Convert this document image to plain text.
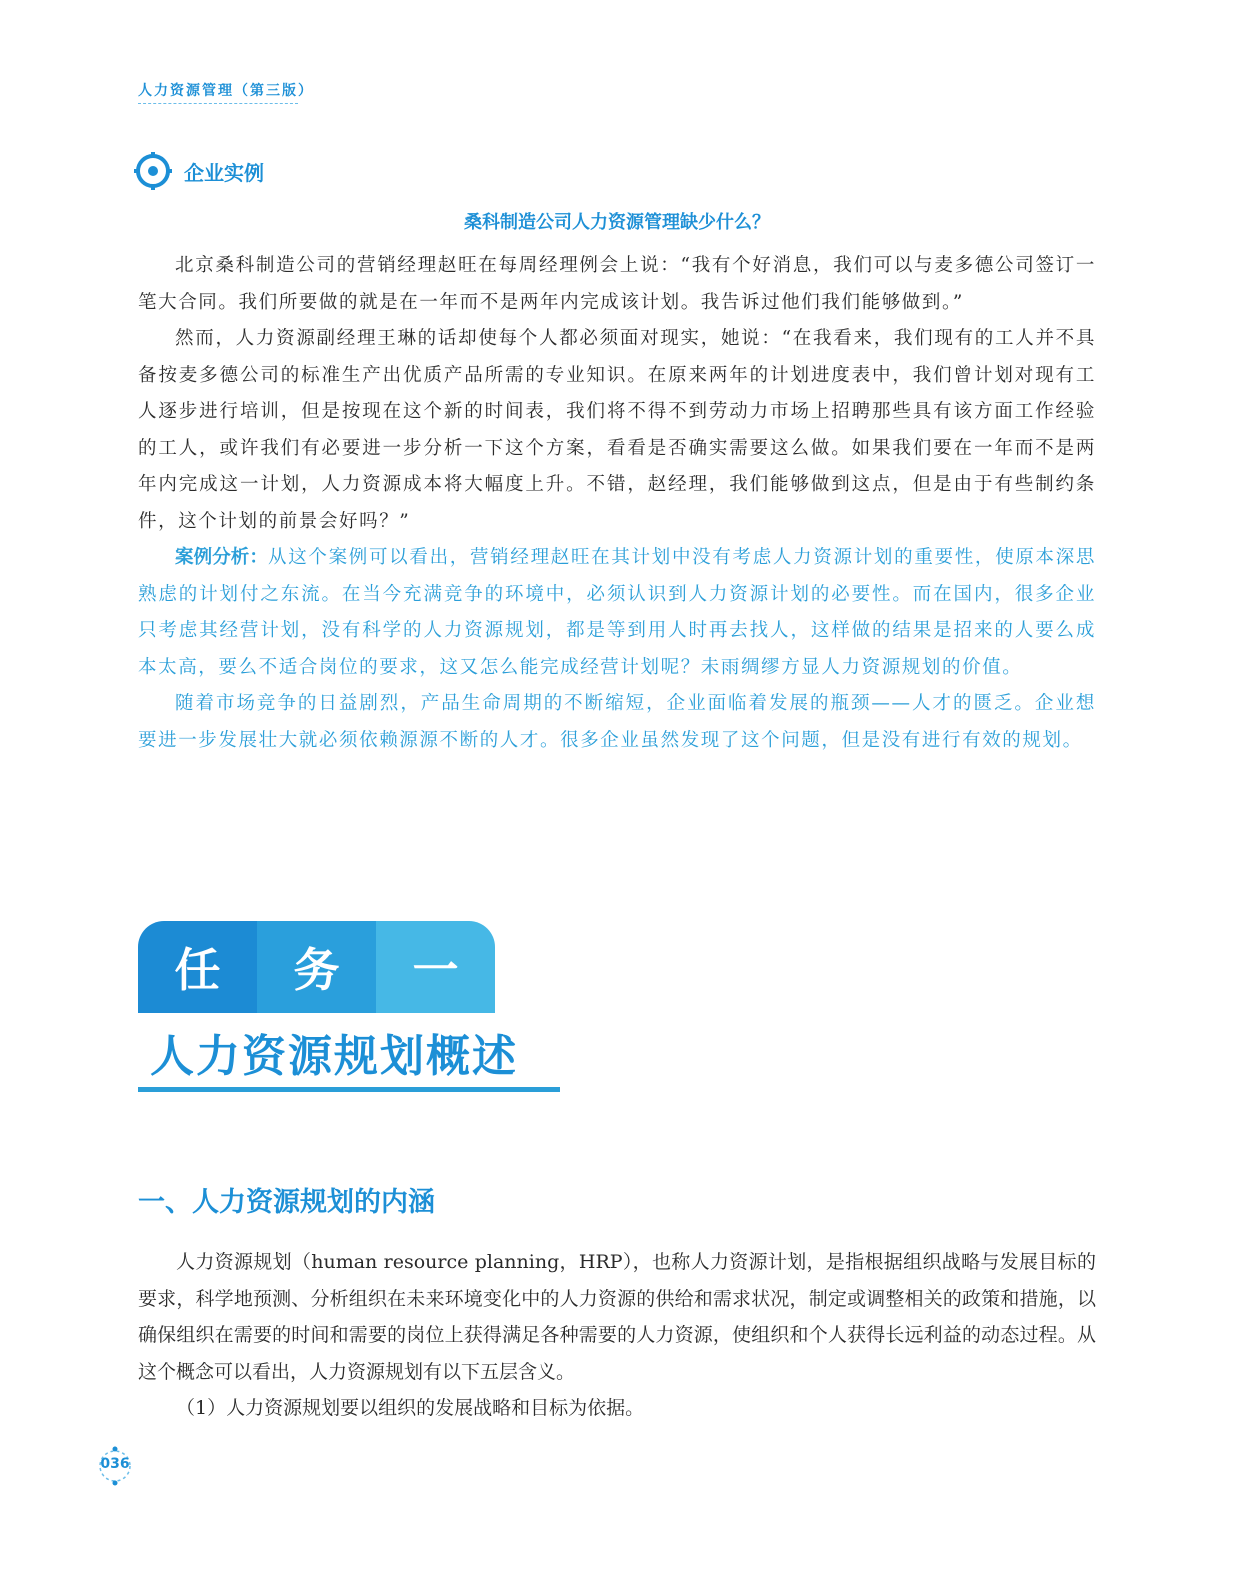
人力资源管理（第三版）
企业实例
桑科制造公司人力资源管理缺少什么？

北京桑科制造公司的营销经理赵旺在每周经理例会上说：“我有个好消息，我们可以与麦多德公司签订一笔大合同。我们所要做的就是在一年而不是两年内完成该计划。我告诉过他们我们能够做到。”

然而，人力资源副经理王琳的话却使每个人都必须面对现实，她说：“在我看来，我们现有的工人并不具备按麦多德公司的标准生产出优质产品所需的专业知识。在原来两年的计划进度表中，我们曾计划对现有工人逐步进行培训，但是按现在这个新的时间表，我们将不得不到劳动力市场上招聘那些具有该方面工作经验的工人，或许我们有必要进一步分析一下这个方案，看看是否确实需要这么做。如果我们要在一年而不是两年内完成这一计划，人力资源成本将大幅度上升。不错，赵经理，我们能够做到这点，但是由于有些制约条件，这个计划的前景会好吗？”

案例分析：从这个案例可以看出，营销经理赵旺在其计划中没有考虑人力资源计划的重要性，使原本深思熟虑的计划付之东流。在当今充满竞争的环境中，必须认识到人力资源计划的必要性。而在国内，很多企业只考虑其经营计划，没有科学的人力资源规划，都是等到用人时再去找人，这样做的结果是招来的人要么成本太高，要么不适合岗位的要求，这又怎么能完成经营计划呢？未雨绸缪方显人力资源规划的价值。

随着市场竞争的日益剧烈，产品生命周期的不断缩短，企业面临着发展的瓶颈——人才的匮乏。企业想要进一步发展壮大就必须依赖源源不断的人才。很多企业虽然发现了这个问题，但是没有进行有效的规划。

任	务	一
人力资源规划概述
一、人力资源规划的内涵

人力资源规划（human resource planning，HRP），也称人力资源计划，是指根据组织战略与发展目标的要求，科学地预测、分析组织在未来环境变化中的人力资源的供给和需求状况，制定或调整相关的政策和措施，以确保组织在需要的时间和需要的岗位上获得满足各种需要的人力资源，使组织和个人获得长远利益的动态过程。从这个概念可以看出，人力资源规划有以下五层含义。

（1）人力资源规划要以组织的发展战略和目标为依据。

036
